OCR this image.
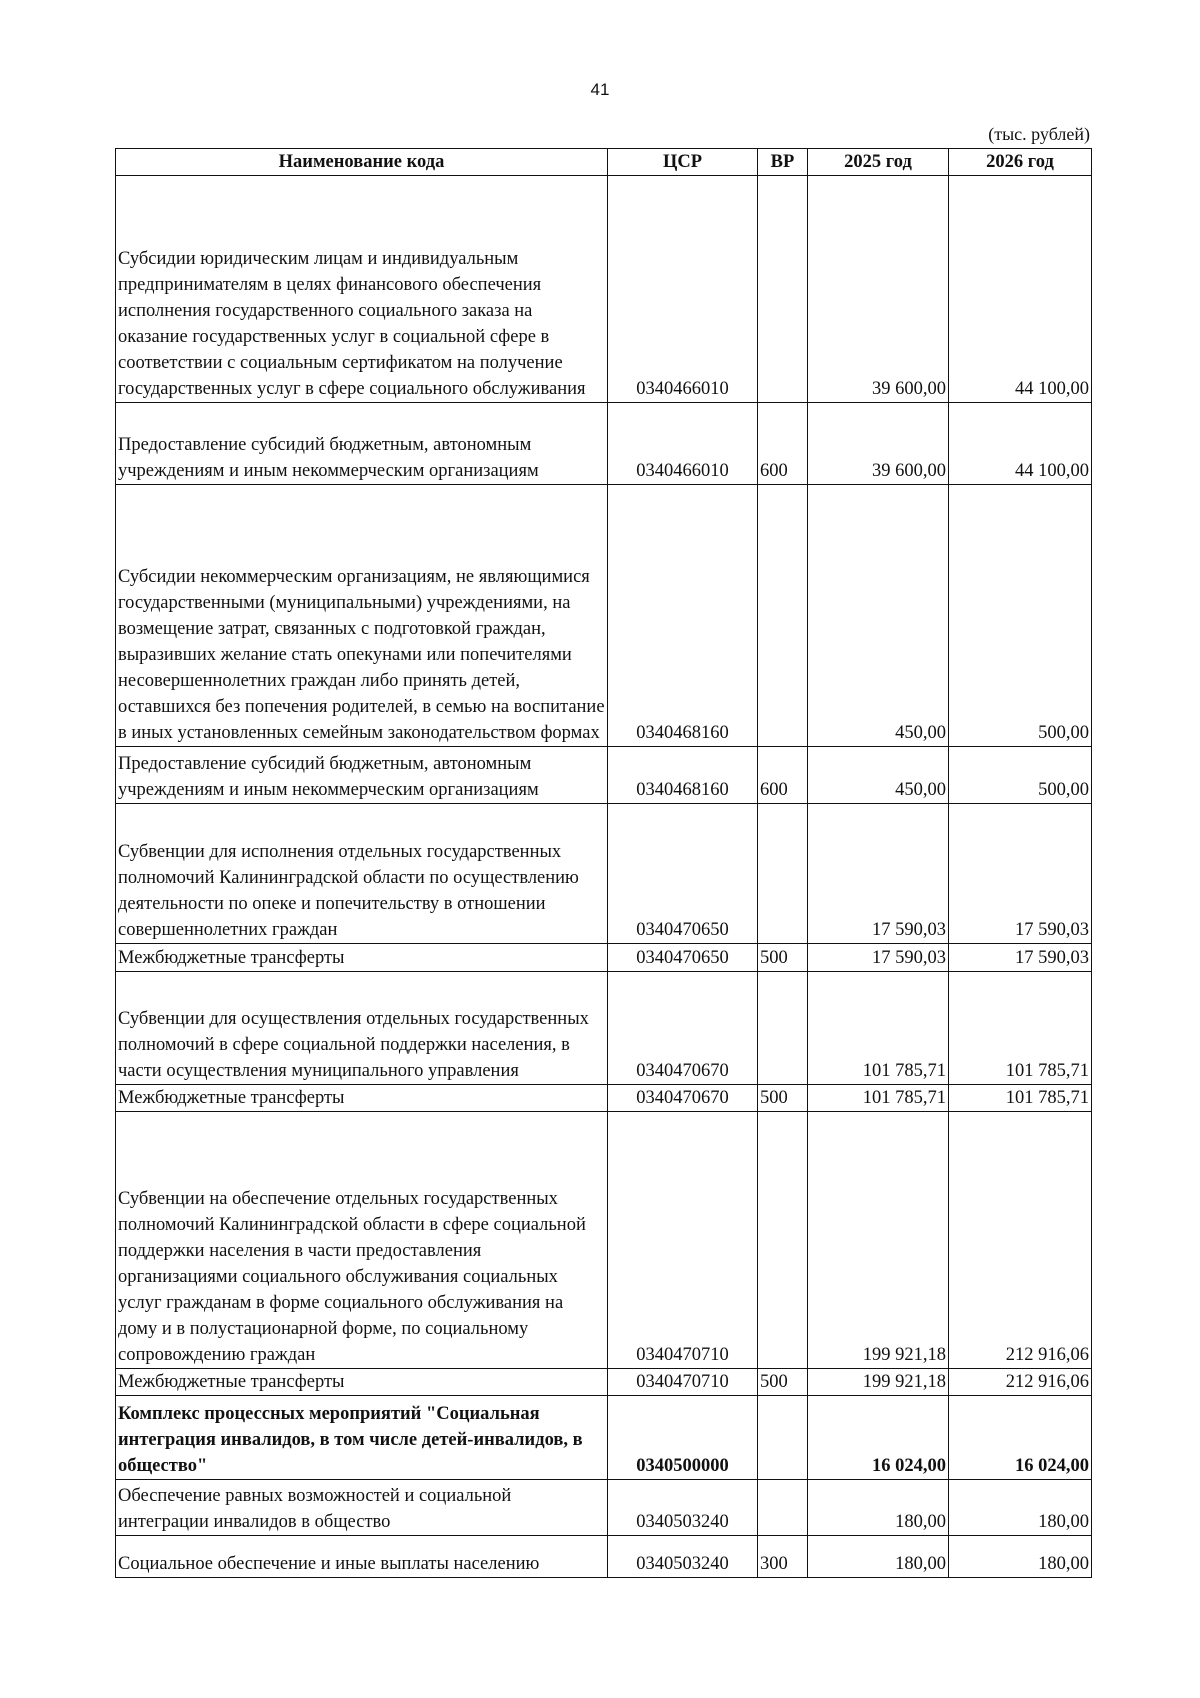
41
(тыс. рублей)
Наименование кода	ЦСР	ВР	2025 год	2026 год

Субсидии юридическим лицам и индивидуальным предпринимателям в целях финансового обеспечения исполнения государственного социального заказа на оказание государственных услуг в социальной сфере в соответствии с социальным сертификатом на получение государственных услуг в сфере социального обслуживания	0340466010		39 600,00	44 100,00
Предоставление субсидий бюджетным, автономным учреждениям и иным некоммерческим организациям	0340466010	600	39 600,00	44 100,00
Субсидии некоммерческим организациям, не являющимися государственными (муниципальными) учреждениями, на возмещение затрат, связанных с подготовкой граждан, выразивших желание стать опекунами или попечителями несовершеннолетних граждан либо принять детей, оставшихся без попечения родителей, в семью на воспитание в иных установленных семейным законодательством формах	0340468160		450,00	500,00
Предоставление субсидий бюджетным, автономным учреждениям и иным некоммерческим организациям	0340468160	600	450,00	500,00
Субвенции для исполнения отдельных государственных полномочий Калининградской области по осуществлению деятельности по опеке и попечительству в отношении совершеннолетних граждан	0340470650		17 590,03	17 590,03
Межбюджетные трансферты	0340470650	500	17 590,03	17 590,03
Субвенции для осуществления отдельных государственных полномочий в сфере социальной поддержки населения, в части осуществления муниципального управления	0340470670		101 785,71	101 785,71
Межбюджетные трансферты	0340470670	500	101 785,71	101 785,71
Субвенции на обеспечение отдельных государственных полномочий Калининградской области в сфере социальной поддержки населения в части предоставления организациями социального обслуживания социальных услуг гражданам в форме социального обслуживания на дому и в полустационарной форме, по социальному сопровождению граждан	0340470710		199 921,18	212 916,06
Межбюджетные трансферты	0340470710	500	199 921,18	212 916,06
Комплекс процессных мероприятий "Социальная интеграция инвалидов, в том числе детей-инвалидов, в общество"	0340500000		16 024,00	16 024,00
Обеспечение равных возможностей и социальной интеграции инвалидов в общество	0340503240		180,00	180,00
Социальное обеспечение и иные выплаты населению	0340503240	300	180,00	180,00
